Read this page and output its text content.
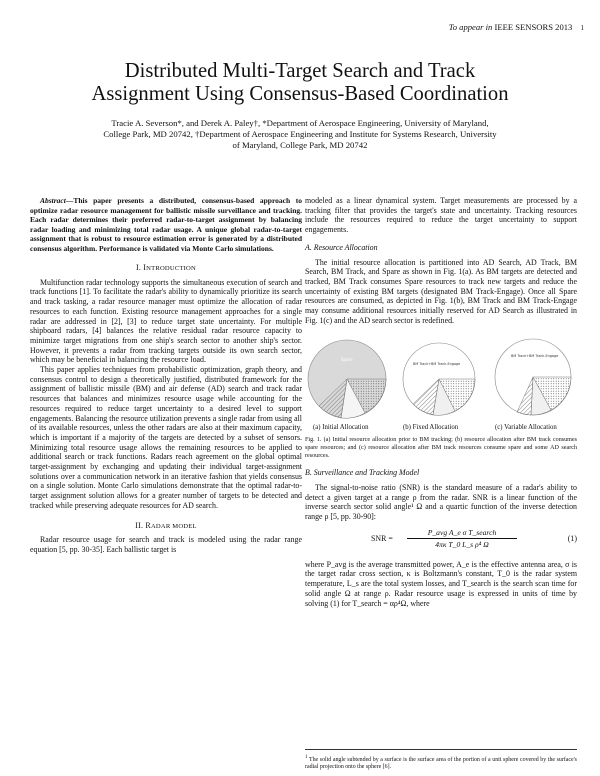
To appear in IEEE SENSORS 2013 1
Distributed Multi-Target Search and Track
Assignment Using Consensus-Based Coordination
Tracie A. Severson*, and Derek A. Paley†, *Department of Aerospace Engineering, University of Maryland,
College Park, MD 20742, †Department of Aerospace Engineering and Institute for Systems Research, University
of Maryland, College Park, MD 20742

Abstract—This paper presents a distributed, consensus-based approach to optimize radar resource management for ballistic missile surveillance and tracking. Each radar determines their preferred radar-to-target assignment by balancing radar loading and minimizing total radar usage. A unique global radar-to-target assignment that is robust to resource estimation error is generated by a distributed consensus algorithm. Performance is validated via Monte Carlo simulations.

I. INTRODUCTION

Multifunction radar technology supports the simultaneous execution of search and track functions [1]. To facilitate the radar's ability to dynamically prioritize its search and track tasking, a radar resource manager must optimize the allocation of radar resources to each function. Existing resource management approaches for a single radar are addressed in [2], [3] to reduce target state uncertainty. For multiple shipboard radars, [4] balances the relative residual radar resource capacity to minimize target migrations from one ship's search sector to another ship's sector. However, it prevents a radar from tracking targets outside its own search sector, which may be beneficial in balancing the resource load.

This paper applies techniques from probabilistic optimization, graph theory, and consensus control to design a theoretically justified, distributed framework for the assignment of ballistic missile (BM) and air defense (AD) search and track radar resources that balances and minimizes resource usage while accounting for the resources required to reduce target uncertainty to a desired level to support engagements. Balancing the resource utilization prevents a single radar from using all of its available resources, unless the other radars are also at their maximum capacity, which is important if a majority of the targets are detected by a subset of sensors. Minimizing total resource usage allows the remaining resources to be applied to additional search or track functions. Radars reach agreement on the global optimal target-assignment by exchanging and updating their individual target-assignment solutions over a communication network in an iterative fashion that yields consensus on a single solution. Monte Carlo simulations demonstrate that the optimal radar-to-target assignment solution allows for a greater number of targets to be detected and tracked while preserving adequate resources for AD search.

II. RADAR MODEL

Radar resource usage for search and track is modeled using the radar range equation [5, pp. 30-35]. Each ballistic target is

modeled as a linear dynamical system. Target measurements are processed by a tracking filter that provides the target's state and uncertainty. Tracking resources include the resources required to reduce the target uncertainty to support engagements.

A. Resource Allocation

The initial resource allocation is partitioned into AD Search, AD Track, BM Search, BM Track, and Spare as shown in Fig. 1(a). As BM targets are detected and tracked, BM Track consumes Spare resources to track new targets and reduce the uncertainty of existing BM targets (designated BM Track-Engage). Once all Spare resources are consumed, as depicted in Fig. 1(b), BM Track and BM Track-Engage may consume additional resources initially reserved for AD Search as illustrated in Fig. 1(c) and the AD search sector is redefined.

Spare
BM Track+BM Track-Engage
BM Track+BM Track-Engage
(a) Initial Allocation	(b) Fixed Allocation	(c) Variable Allocation

Fig. 1. (a) Initial resource allocation prior to BM tracking; (b) resource allocation after BM track consumes spare resources; and (c) resource allocation after BM track resources consume spare and some AD search resources.

B. Surveillance and Tracking Model

The signal-to-noise ratio (SNR) is the standard measure of a radar's ability to detect a given target at a range ρ from the radar. SNR is a linear function of the inverse search sector solid angle¹ Ω and a quartic function of the inverse detection range ρ [5, pp. 30-90]:

SNR =
P_avg A_e σ T_search
4πκ T_0 L_s ρ⁴ Ω
(1)

where P_avg is the average transmitted power, A_e is the effective antenna area, σ is the target radar cross section, κ is Boltzmann's constant, T_0 is the radar system temperature, L_s are the total system losses, and T_search is the search scan time for solid angle Ω at range ρ. Radar resource usage is expressed in units of time by solving (1) for T_search = αρ⁴Ω, where

$^1$ The solid angle subtended by a surface is the surface area of the portion of a unit sphere covered by the surface's radial projection onto the sphere [6].
